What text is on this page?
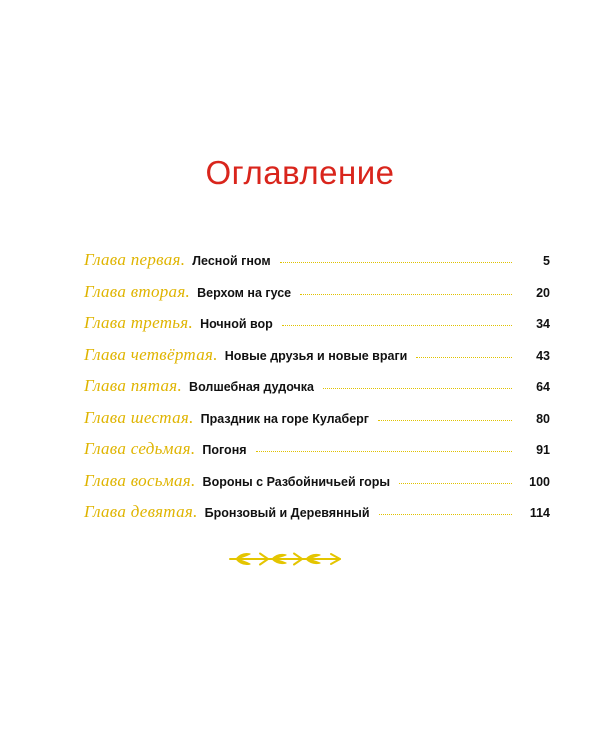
Оглавление
Глава первая. Лесной гном	5
Глава вторая. Верхом на гусе	20
Глава третья. Ночной вор	34
Глава четвёртая. Новые друзья и новые враги	43
Глава пятая. Волшебная дудочка	64
Глава шестая. Праздник на горе Кулаберг	80
Глава седьмая. Погоня	91
Глава восьмая. Вороны с Разбойничьей горы	100
Глава девятая. Бронзовый и Деревянный	114
